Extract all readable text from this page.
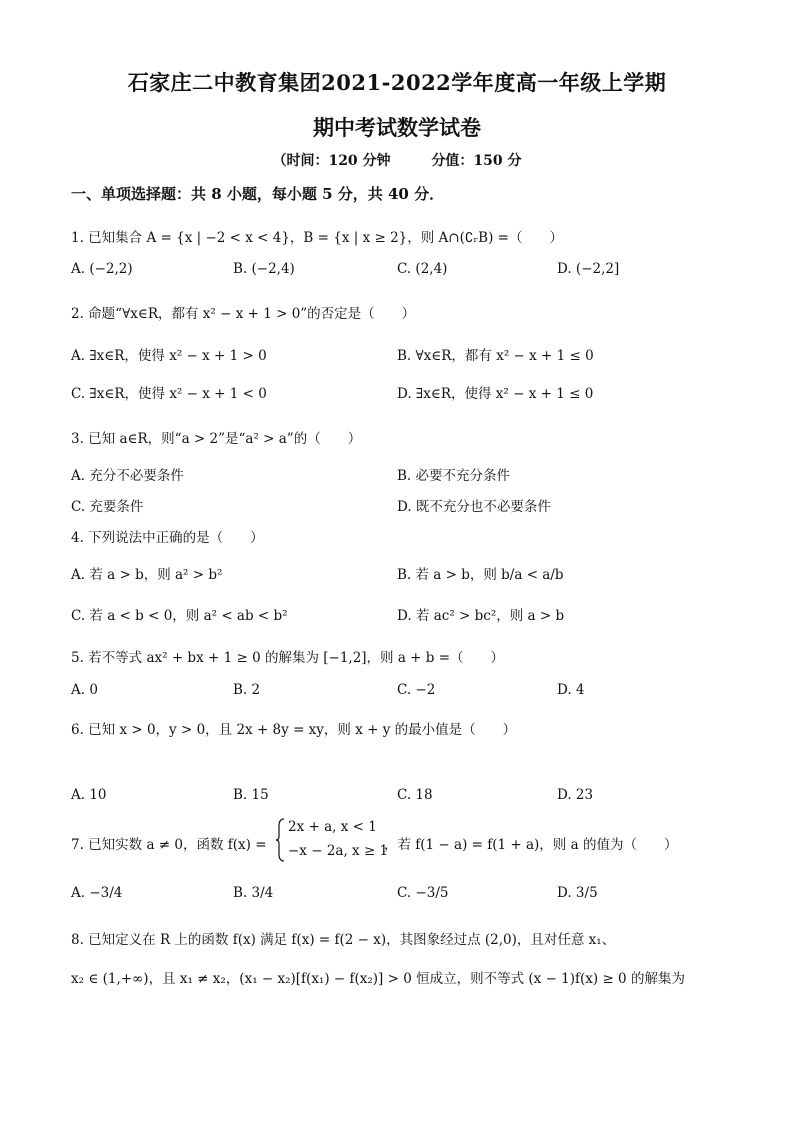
石家庄二中教育集团2021-2022学年度高一年级上学期
期中考试数学试卷
（时间：120 分钟	分值：150 分
一、单项选择题：共 8 小题，每小题 5 分，共 40 分．
1. 已知集合 A = {x | −2 < x < 4}，B = {x | x ≥ 2}，则 A∩(∁ᵣB) =（　　）
A. (−2,2)	B. (−2,4)	C. (2,4)	D. (−2,2]
2. 命题“∀x∈R，都有 x² − x + 1 > 0”的否定是（　　）
A. ∃x∈R，使得 x² − x + 1 > 0	B. ∀x∈R，都有 x² − x + 1 ≤ 0
C. ∃x∈R，使得 x² − x + 1 < 0	D. ∃x∈R，使得 x² − x + 1 ≤ 0
3. 已知 a∈R，则“a > 2”是“a² > a”的（　　）
A. 充分不必要条件	B. 必要不充分条件
C. 充要条件	D. 既不充分也不必要条件
4. 下列说法中正确的是（　　）
A. 若 a > b，则 a² > b²	B. 若 a > b，则 b/a < a/b
C. 若 a < b < 0，则 a² < ab < b²	D. 若 ac² > bc²，则 a > b
5. 若不等式 ax² + bx + 1 ≥ 0 的解集为 [−1,2]，则 a + b =（　　）
A. 0	B. 2	C. −2	D. 4
6. 已知 x > 0，y > 0，且 2x + 8y = xy，则 x + y 的最小值是（　　）
A. 10	B. 15	C. 18	D. 23
7. 已知实数 a ≠ 0，函数 f(x) =
2x + a, x < 1
−x − 2a, x ≥ 1
，若 f(1 − a) = f(1 + a)，则 a 的值为（　　）
A. −3/4	B. 3/4	C. −3/5	D. 3/5
8. 已知定义在 R 上的函数 f(x) 满足 f(x) = f(2 − x)，其图象经过点 (2,0)，且对任意 x₁、
x₂ ∈ (1,+∞)，且 x₁ ≠ x₂，(x₁ − x₂)[f(x₁) − f(x₂)] > 0 恒成立，则不等式 (x − 1)f(x) ≥ 0 的解集为
